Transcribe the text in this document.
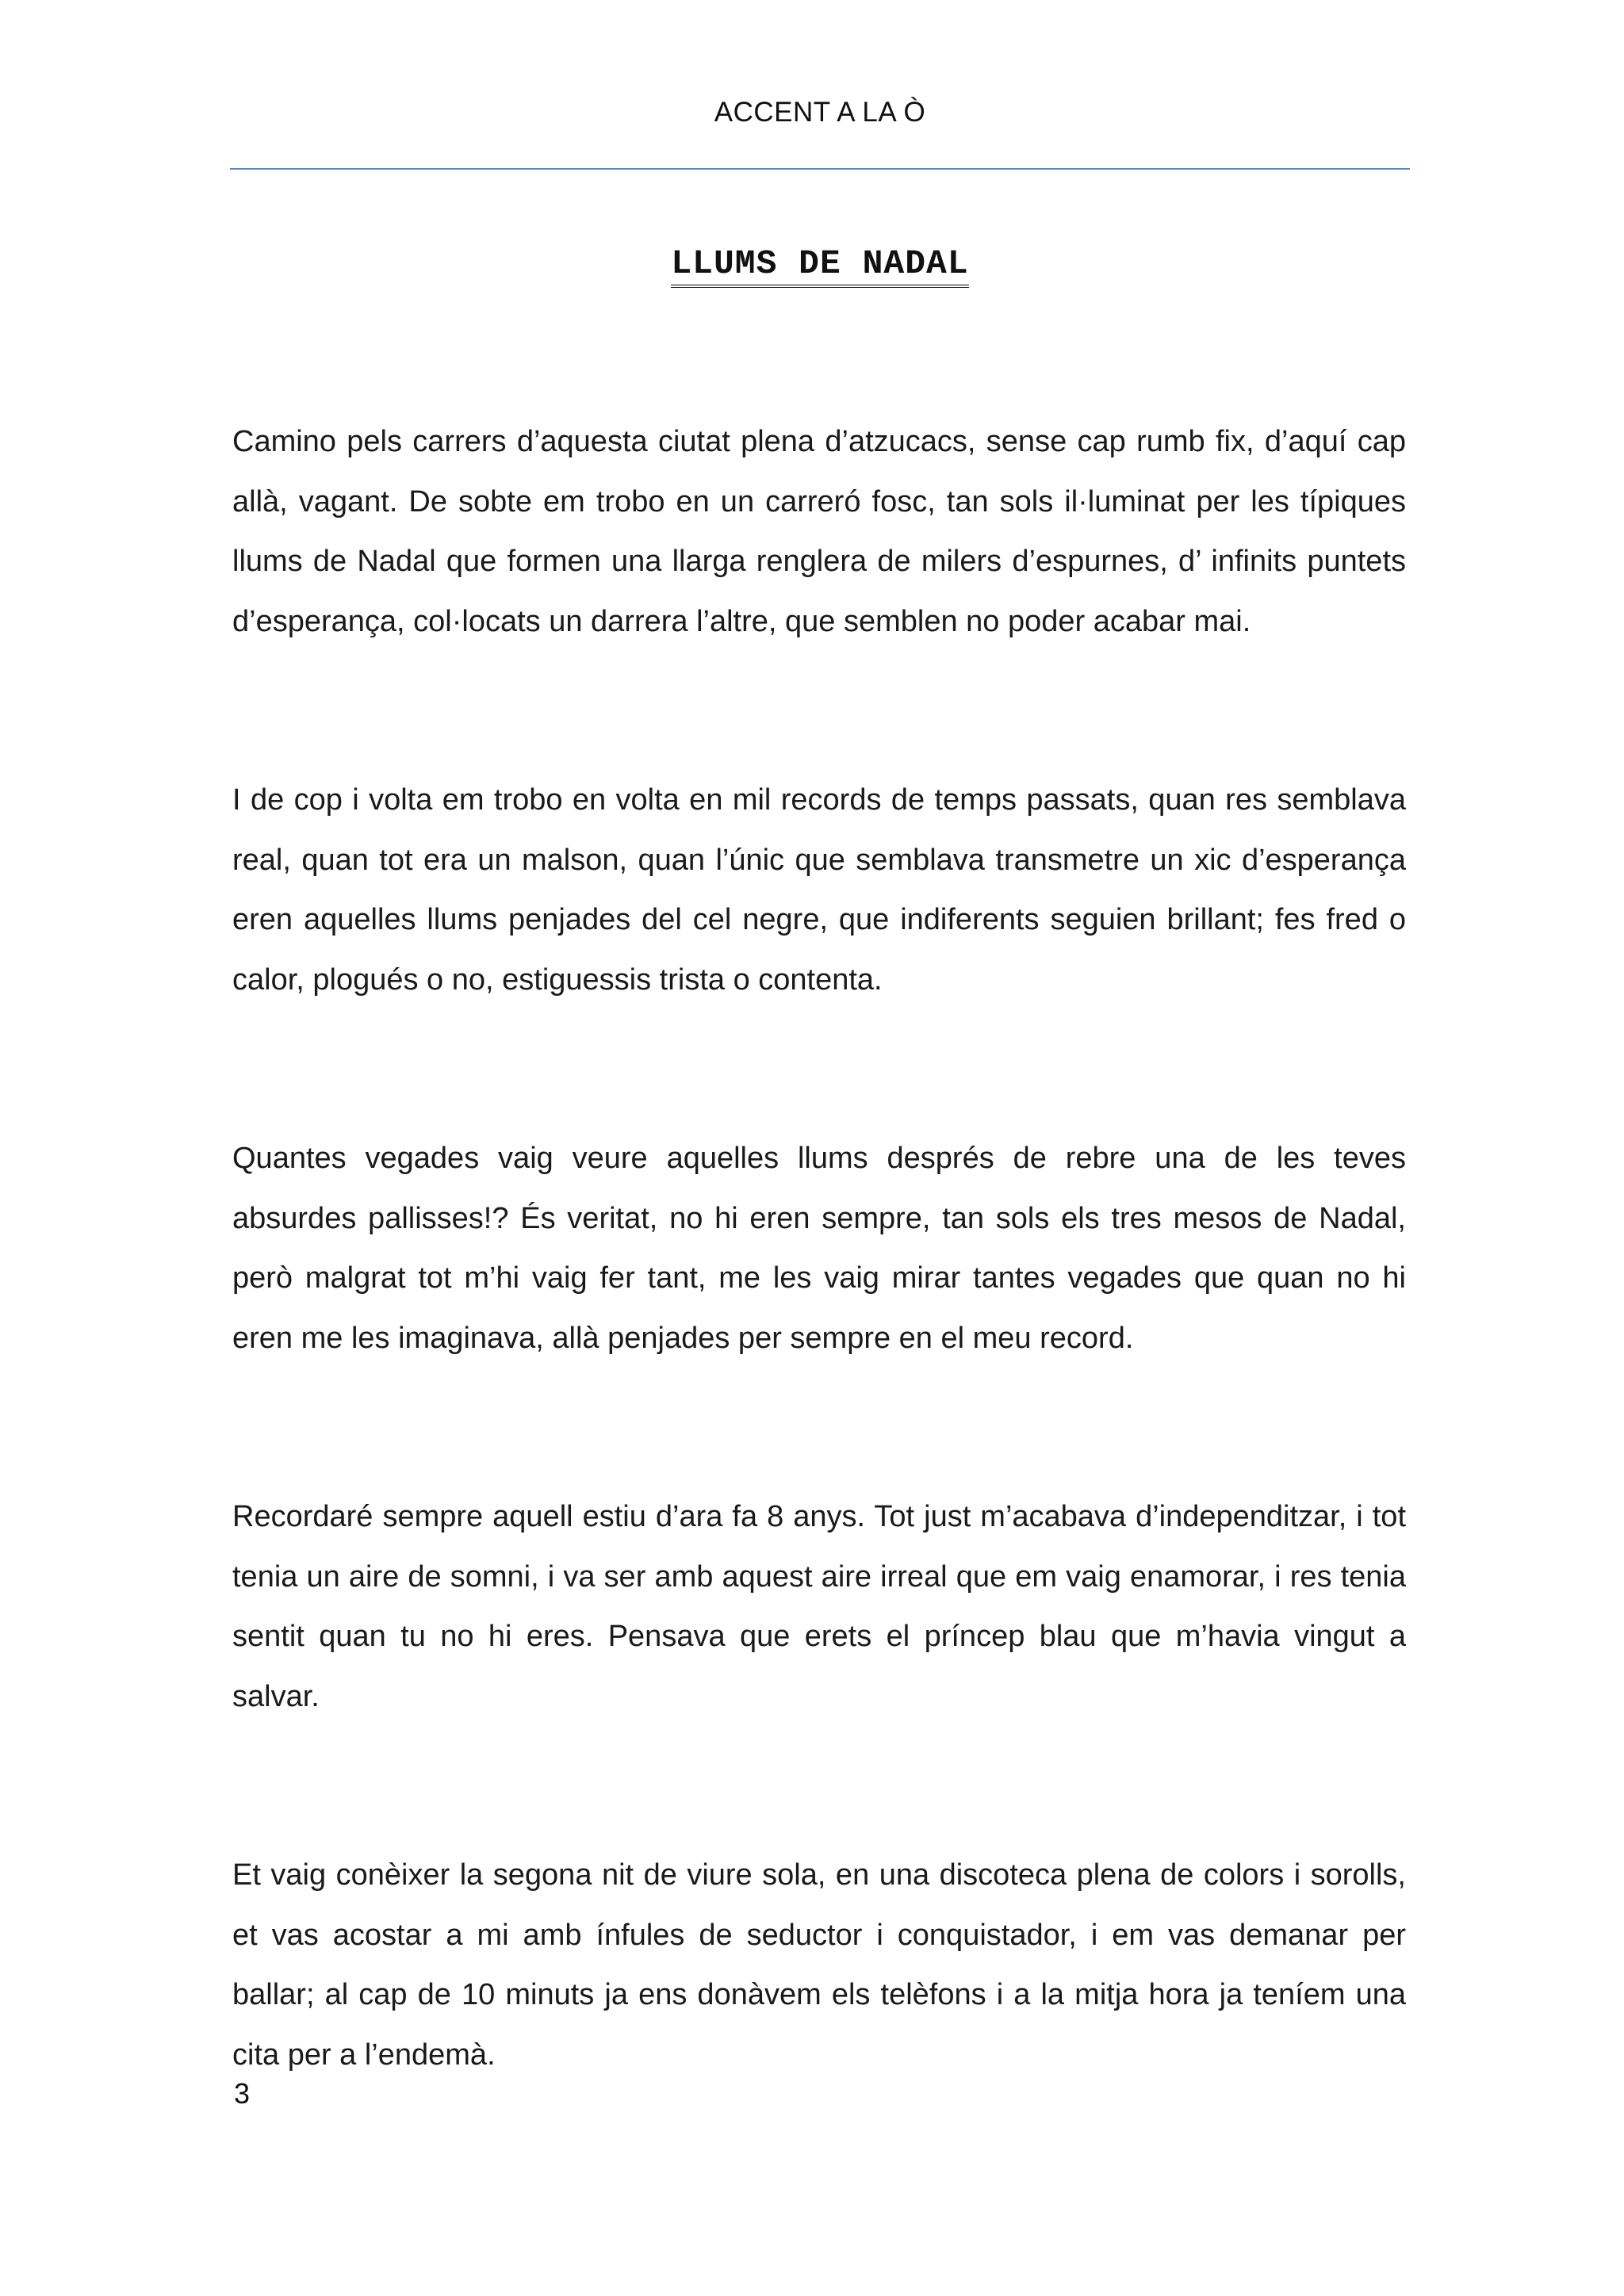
ACCENT A LA Ò
LLUMS DE NADAL

Camino pels carrers d’aquesta ciutat plena d’atzucacs, sense cap rumb fix, d’aquí cap allà, vagant. De sobte em trobo en un carreró fosc, tan sols il·luminat per les típiques llums de Nadal que formen una llarga renglera de milers d’espurnes, d’ infinits puntets d’esperança, col·locats un darrera l’altre, que semblen no poder acabar mai.

I de cop i volta em trobo en volta en mil records de temps passats, quan res semblava real, quan tot era un malson, quan l’únic que semblava transmetre un xic d’esperança eren aquelles llums penjades del cel negre, que indiferents seguien brillant; fes fred o calor, plogués o no, estiguessis trista o contenta.

Quantes vegades vaig veure aquelles llums després de rebre una de les teves absurdes pallisses!? És veritat, no hi eren sempre, tan sols els tres mesos de Nadal, però malgrat tot m’hi vaig fer tant, me les vaig mirar tantes vegades que quan no hi eren me les imaginava, allà penjades per sempre en el meu record.

Recordaré sempre aquell estiu d’ara fa 8 anys. Tot just m’acabava d’independitzar, i tot tenia un aire de somni, i va ser amb aquest aire irreal que em vaig enamorar, i res tenia sentit quan tu no hi eres. Pensava que erets el príncep blau que m’havia vingut a salvar.

Et vaig conèixer la segona nit de viure sola, en una discoteca plena de colors i sorolls, et vas acostar a mi amb ínfules de seductor i conquistador, i em vas demanar per ballar; al cap de 10 minuts ja ens donàvem els telèfons i a la mitja hora ja teníem una cita per a l’endemà.

3
